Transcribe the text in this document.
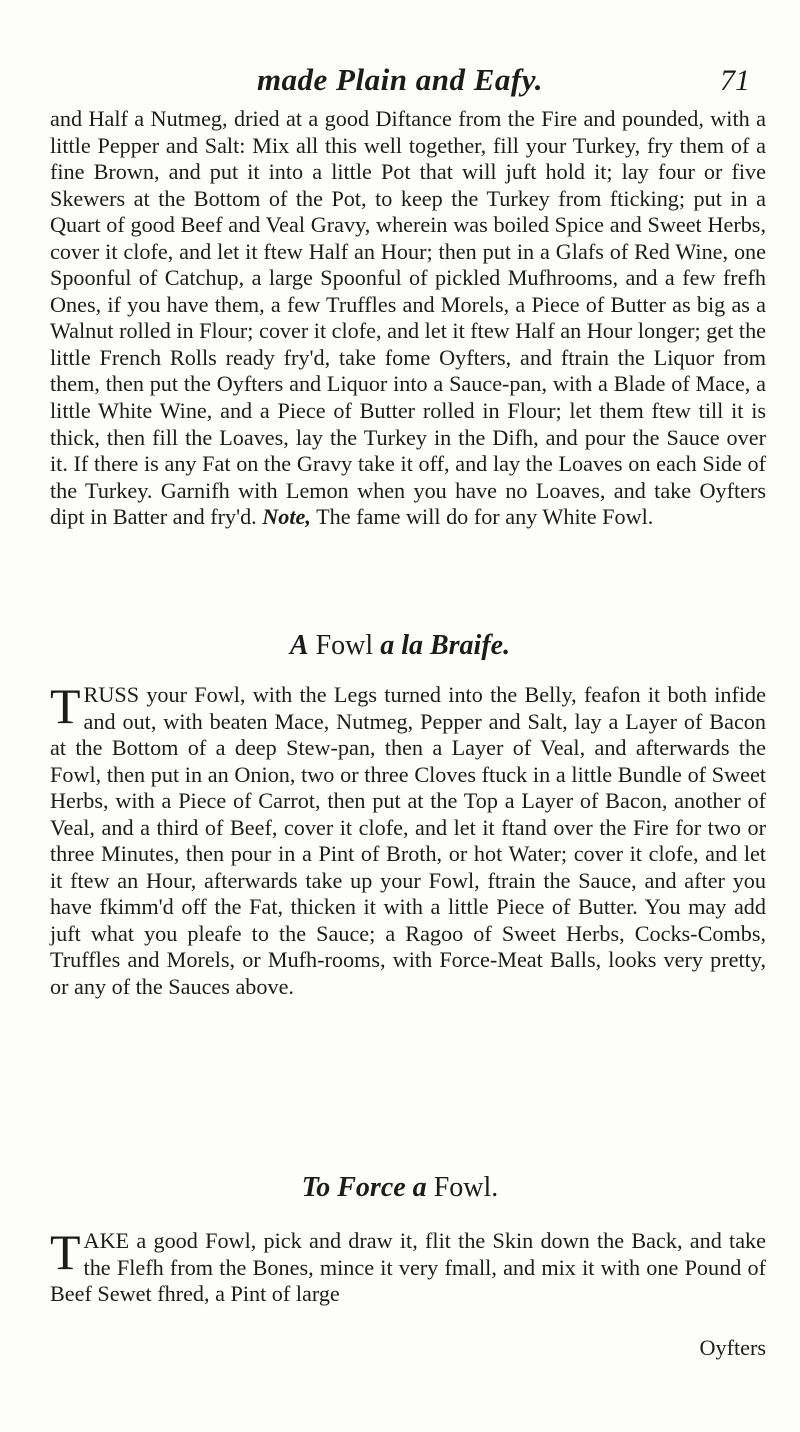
made Plain and Eafy.	71

and Half a Nutmeg, dried at a good Diftance from the Fire and pounded, with a little Pepper and Salt: Mix all this well together, fill your Turkey, fry them of a fine Brown, and put it into a little Pot that will juft hold it; lay four or five Skewers at the Bottom of the Pot, to keep the Turkey from fticking; put in a Quart of good Beef and Veal Gravy, wherein was boiled Spice and Sweet Herbs, cover it clofe, and let it ftew Half an Hour; then put in a Glafs of Red Wine, one Spoonful of Catchup, a large Spoonful of pickled Mufhrooms, and a few frefh Ones, if you have them, a few Truffles and Morels, a Piece of Butter as big as a Walnut rolled in Flour; cover it clofe, and let it ftew Half an Hour longer; get the little French Rolls ready fry'd, take fome Oyfters, and ftrain the Liquor from them, then put the Oyfters and Liquor into a Sauce-pan, with a Blade of Mace, a little White Wine, and a Piece of Butter rolled in Flour; let them ftew till it is thick, then fill the Loaves, lay the Turkey in the Difh, and pour the Sauce over it. If there is any Fat on the Gravy take it off, and lay the Loaves on each Side of the Turkey. Garnifh with Lemon when you have no Loaves, and take Oyfters dipt in Batter and fry'd. Note, The fame will do for any White Fowl.

A Fowl a la Braife.

TRUSS your Fowl, with the Legs turned into the Belly, feafon it both infide and out, with beaten Mace, Nutmeg, Pepper and Salt, lay a Layer of Bacon at the Bottom of a deep Stew-pan, then a Layer of Veal, and afterwards the Fowl, then put in an Onion, two or three Cloves ftuck in a little Bundle of Sweet Herbs, with a Piece of Carrot, then put at the Top a Layer of Bacon, another of Veal, and a third of Beef, cover it clofe, and let it ftand over the Fire for two or three Minutes, then pour in a Pint of Broth, or hot Water; cover it clofe, and let it ftew an Hour, afterwards take up your Fowl, ftrain the Sauce, and after you have fkimm'd off the Fat, thicken it with a little Piece of Butter. You may add juft what you pleafe to the Sauce; a Ragoo of Sweet Herbs, Cocks-Combs, Truffles and Morels, or Mufh-rooms, with Force-Meat Balls, looks very pretty, or any of the Sauces above.

To Force a Fowl.

TAKE a good Fowl, pick and draw it, flit the Skin down the Back, and take the Flefh from the Bones, mince it very fmall, and mix it with one Pound of Beef Sewet fhred, a Pint of large

Oyfters
